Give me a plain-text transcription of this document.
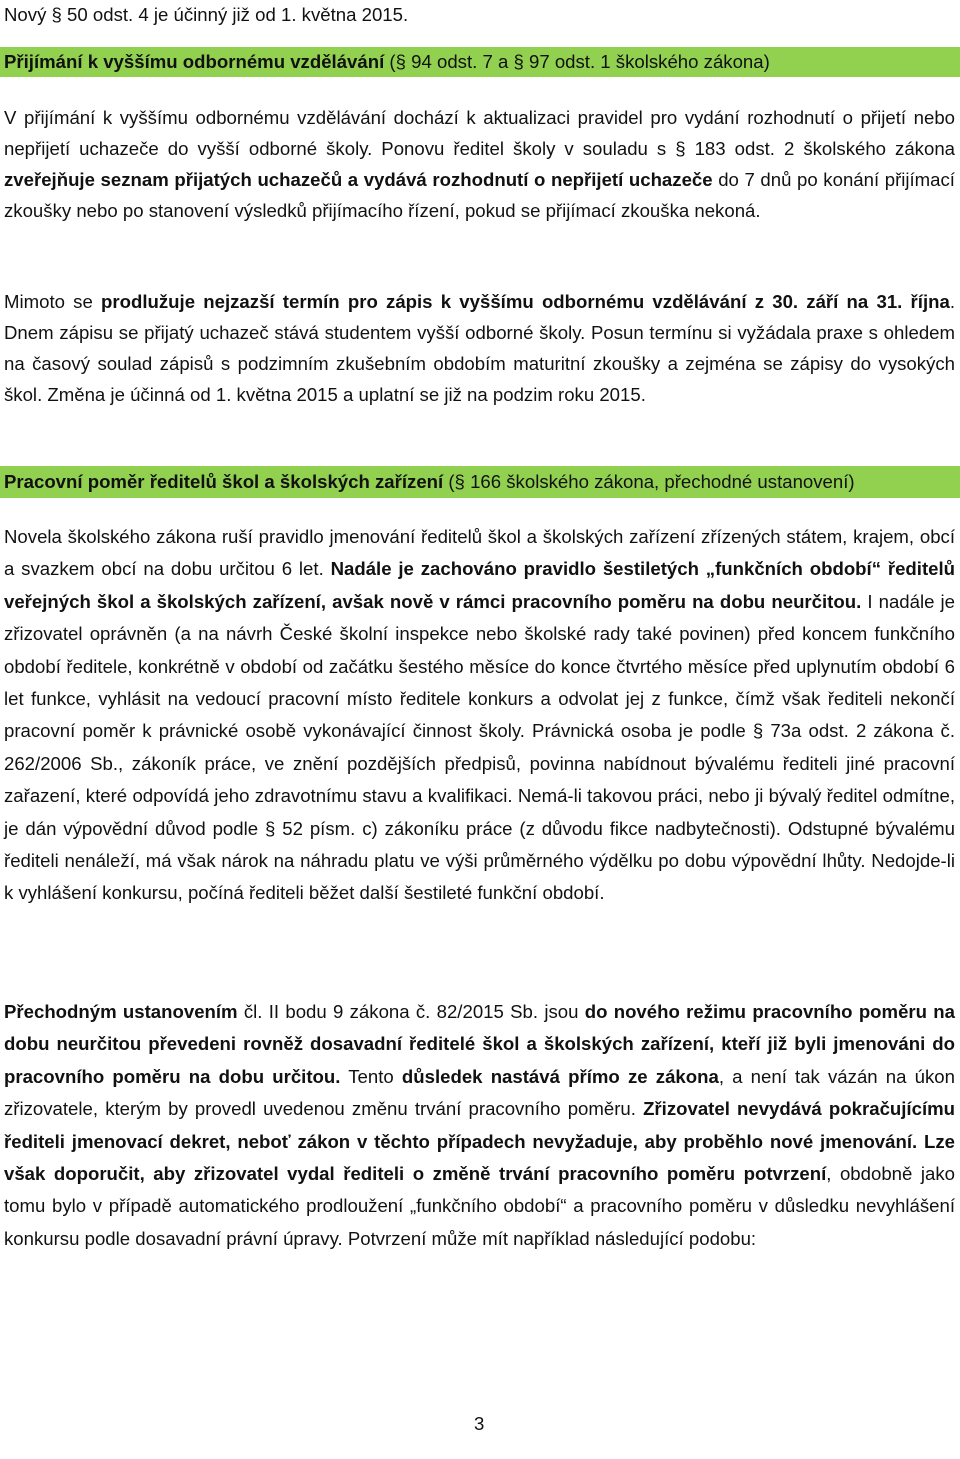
Nový § 50 odst. 4 je účinný již od 1. května 2015.
Přijímání k vyššímu odbornému vzdělávání (§ 94 odst. 7 a § 97 odst. 1 školského zákona)

V přijímání k vyššímu odbornému vzdělávání dochází k aktualizaci pravidel pro vydání rozhodnutí o přijetí nebo nepřijetí uchazeče do vyšší odborné školy. Ponovu ředitel školy v souladu s § 183 odst. 2 školského zákona zveřejňuje seznam přijatých uchazečů a vydává rozhodnutí o nepřijetí uchazeče do 7 dnů po konání přijímací zkoušky nebo po stanovení výsledků přijímacího řízení, pokud se přijímací zkouška nekoná.

Mimoto se prodlužuje nejzazší termín pro zápis k vyššímu odbornému vzdělávání z 30. září na 31. října. Dnem zápisu se přijatý uchazeč stává studentem vyšší odborné školy. Posun termínu si vyžádala praxe s ohledem na časový soulad zápisů s podzimním zkušebním obdobím maturitní zkoušky a zejména se zápisy do vysokých škol. Změna je účinná od 1. května 2015 a uplatní se již na podzim roku 2015.

Pracovní poměr ředitelů škol a školských zařízení (§ 166 školského zákona, přechodné ustanovení)

Novela školského zákona ruší pravidlo jmenování ředitelů škol a školských zařízení zřízených státem, krajem, obcí a svazkem obcí na dobu určitou 6 let. Nadále je zachováno pravidlo šestiletých „funkčních období“ ředitelů veřejných škol a školských zařízení, avšak nově v rámci pracovního poměru na dobu neurčitou. I nadále je zřizovatel oprávněn (a na návrh České školní inspekce nebo školské rady také povinen) před koncem funkčního období ředitele, konkrétně v období od začátku šestého měsíce do konce čtvrtého měsíce před uplynutím období 6 let funkce, vyhlásit na vedoucí pracovní místo ředitele konkurs a odvolat jej z funkce, čímž však řediteli nekončí pracovní poměr k právnické osobě vykonávající činnost školy. Právnická osoba je podle § 73a odst. 2 zákona č. 262/2006 Sb., zákoník práce, ve znění pozdějších předpisů, povinna nabídnout bývalému řediteli jiné pracovní zařazení, které odpovídá jeho zdravotnímu stavu a kvalifikaci. Nemá-li takovou práci, nebo ji bývalý ředitel odmítne, je dán výpovědní důvod podle § 52 písm. c) zákoníku práce (z důvodu fikce nadbytečnosti). Odstupné bývalému řediteli nenáleží, má však nárok na náhradu platu ve výši průměrného výdělku po dobu výpovědní lhůty. Nedojde-li k vyhlášení konkursu, počíná řediteli běžet další šestileté funkční období.

Přechodným ustanovením čl. II bodu 9 zákona č. 82/2015 Sb. jsou do nového režimu pracovního poměru na dobu neurčitou převedeni rovněž dosavadní ředitelé škol a školských zařízení, kteří již byli jmenováni do pracovního poměru na dobu určitou. Tento důsledek nastává přímo ze zákona, a není tak vázán na úkon zřizovatele, kterým by provedl uvedenou změnu trvání pracovního poměru. Zřizovatel nevydává pokračujícímu řediteli jmenovací dekret, neboť zákon v těchto případech nevyžaduje, aby proběhlo nové jmenování. Lze však doporučit, aby zřizovatel vydal řediteli o změně trvání pracovního poměru potvrzení, obdobně jako tomu bylo v případě automatického prodloužení „funkčního období“ a pracovního poměru v důsledku nevyhlášení konkursu podle dosavadní právní úpravy. Potvrzení může mít například následující podobu:

3
